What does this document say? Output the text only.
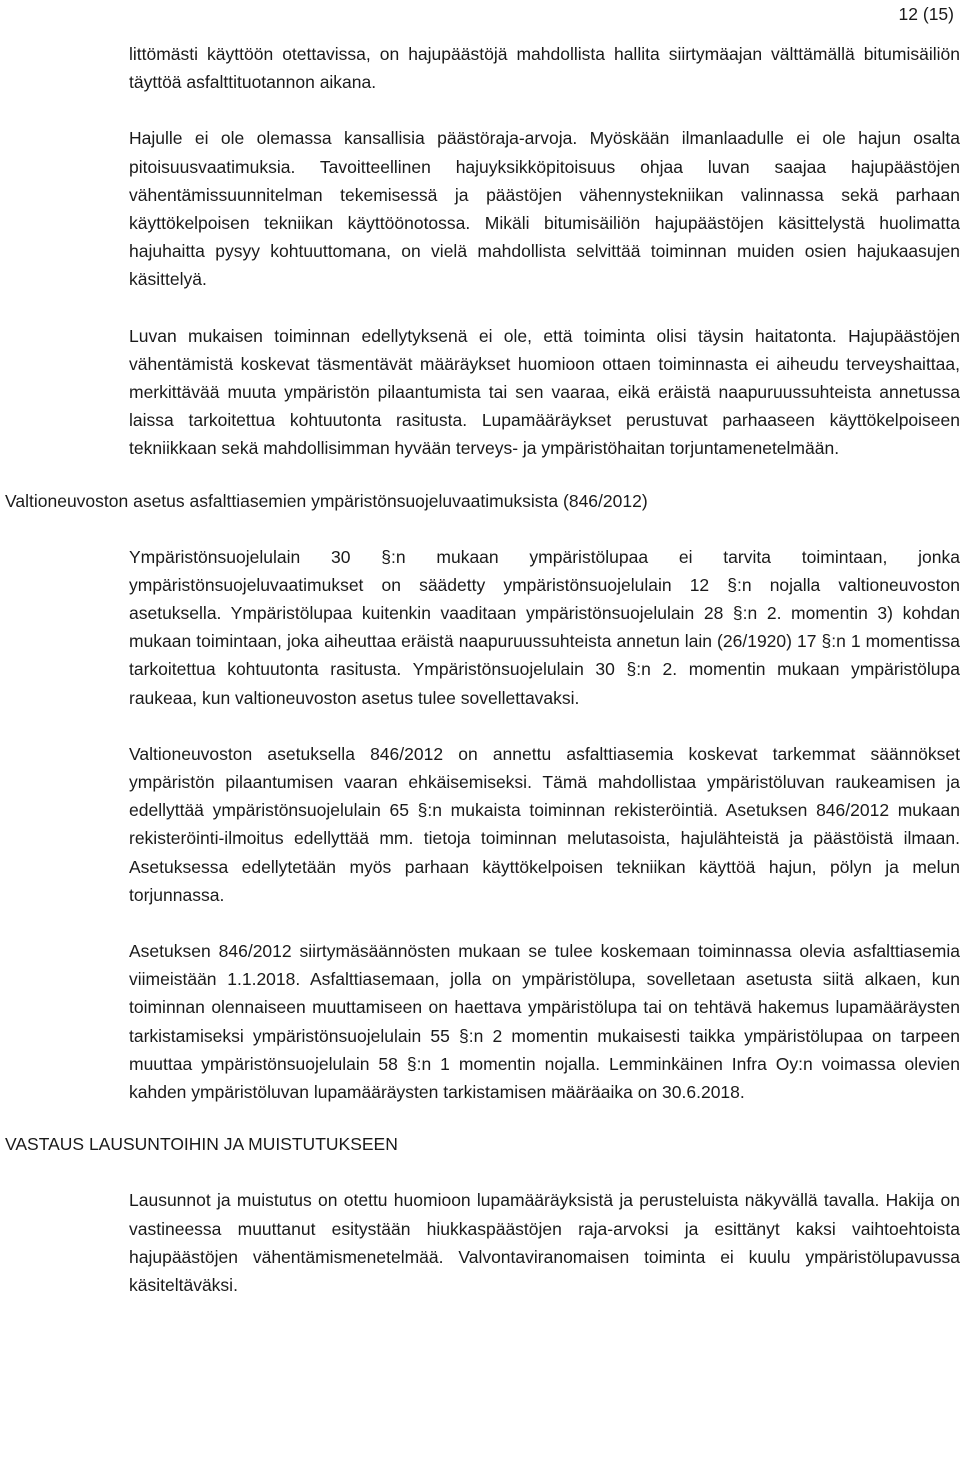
12 (15)

littömästi käyttöön otettavissa, on hajupäästöjä mahdollista hallita siirtymäajan välttämällä bitumisäiliön täyttöä asfalttituotannon aikana.

Hajulle ei ole olemassa kansallisia päästöraja-arvoja. Myöskään ilmanlaadulle ei ole hajun osalta pitoisuusvaatimuksia. Tavoitteellinen hajuyksikköpitoisuus ohjaa luvan saajaa hajupäästöjen vähentämissuunnitelman tekemisessä ja päästöjen vähennystekniikan valinnassa sekä parhaan käyttökelpoisen tekniikan käyttöönotossa. Mikäli bitumisäiliön hajupäästöjen käsittelystä huolimatta hajuhaitta pysyy kohtuuttomana, on vielä mahdollista selvittää toiminnan muiden osien hajukaasujen käsittelyä.

Luvan mukaisen toiminnan edellytyksenä ei ole, että toiminta olisi täysin haitatonta. Hajupäästöjen vähentämistä koskevat täsmentävät määräykset huomioon ottaen toiminnasta ei aiheudu terveyshaittaa, merkittävää muuta ympäristön pilaantumista tai sen vaaraa, eikä eräistä naapuruussuhteista annetussa laissa tarkoitettua kohtuutonta rasitusta. Lupamääräykset perustuvat parhaaseen käyttökelpoiseen tekniikkaan sekä mahdollisimman hyvään terveys- ja ympäristöhaitan torjuntamenetelmään.

Valtioneuvoston asetus asfalttiasemien ympäristönsuojeluvaatimuksista (846/2012)

Ympäristönsuojelulain 30 §:n mukaan ympäristölupaa ei tarvita toimintaan, jonka ympäristönsuojeluvaatimukset on säädetty ympäristönsuojelulain 12 §:n nojalla valtioneuvoston asetuksella. Ympäristölupaa kuitenkin vaaditaan ympäristönsuojelulain 28 §:n 2. momentin 3) kohdan mukaan toimintaan, joka aiheuttaa eräistä naapuruussuhteista annetun lain (26/1920) 17 §:n 1 momentissa tarkoitettua kohtuutonta rasitusta. Ympäristönsuojelulain 30 §:n 2. momentin mukaan ympäristölupa raukeaa, kun valtioneuvoston asetus tulee sovellettavaksi.

Valtioneuvoston asetuksella 846/2012 on annettu asfalttiasemia koskevat tarkemmat säännökset ympäristön pilaantumisen vaaran ehkäisemiseksi. Tämä mahdollistaa ympäristöluvan raukeamisen ja edellyttää ympäristönsuojelulain 65 §:n mukaista toiminnan rekisteröintiä. Asetuksen 846/2012 mukaan rekisteröinti-ilmoitus edellyttää mm. tietoja toiminnan melutasoista, hajulähteistä ja päästöistä ilmaan. Asetuksessa edellytetään myös parhaan käyttökelpoisen tekniikan käyttöä hajun, pölyn ja melun torjunnassa.

Asetuksen 846/2012 siirtymäsäännösten mukaan se tulee koskemaan toiminnassa olevia asfalttiasemia viimeistään 1.1.2018. Asfalttiasemaan, jolla on ympäristölupa, sovelletaan asetusta siitä alkaen, kun toiminnan olennaiseen muuttamiseen on haettava ympäristölupa tai on tehtävä hakemus lupamääräysten tarkistamiseksi ympäristönsuojelulain 55 §:n 2 momentin mukaisesti taikka ympäristölupaa on tarpeen muuttaa ympäristönsuojelulain 58 §:n 1 momentin nojalla. Lemminkäinen Infra Oy:n voimassa olevien kahden ympäristöluvan lupamääräysten tarkistamisen määräaika on 30.6.2018.

VASTAUS LAUSUNTOIHIN JA MUISTUTUKSEEN

Lausunnot ja muistutus on otettu huomioon lupamääräyksistä ja perusteluista näkyvällä tavalla. Hakija on vastineessa muuttanut esitystään hiukkaspäästöjen raja-arvoksi ja esittänyt kaksi vaihtoehtoista hajupäästöjen vähentämismenetelmää. Valvontaviranomaisen toiminta ei kuulu ympäristölupavussa käsiteltäväksi.
